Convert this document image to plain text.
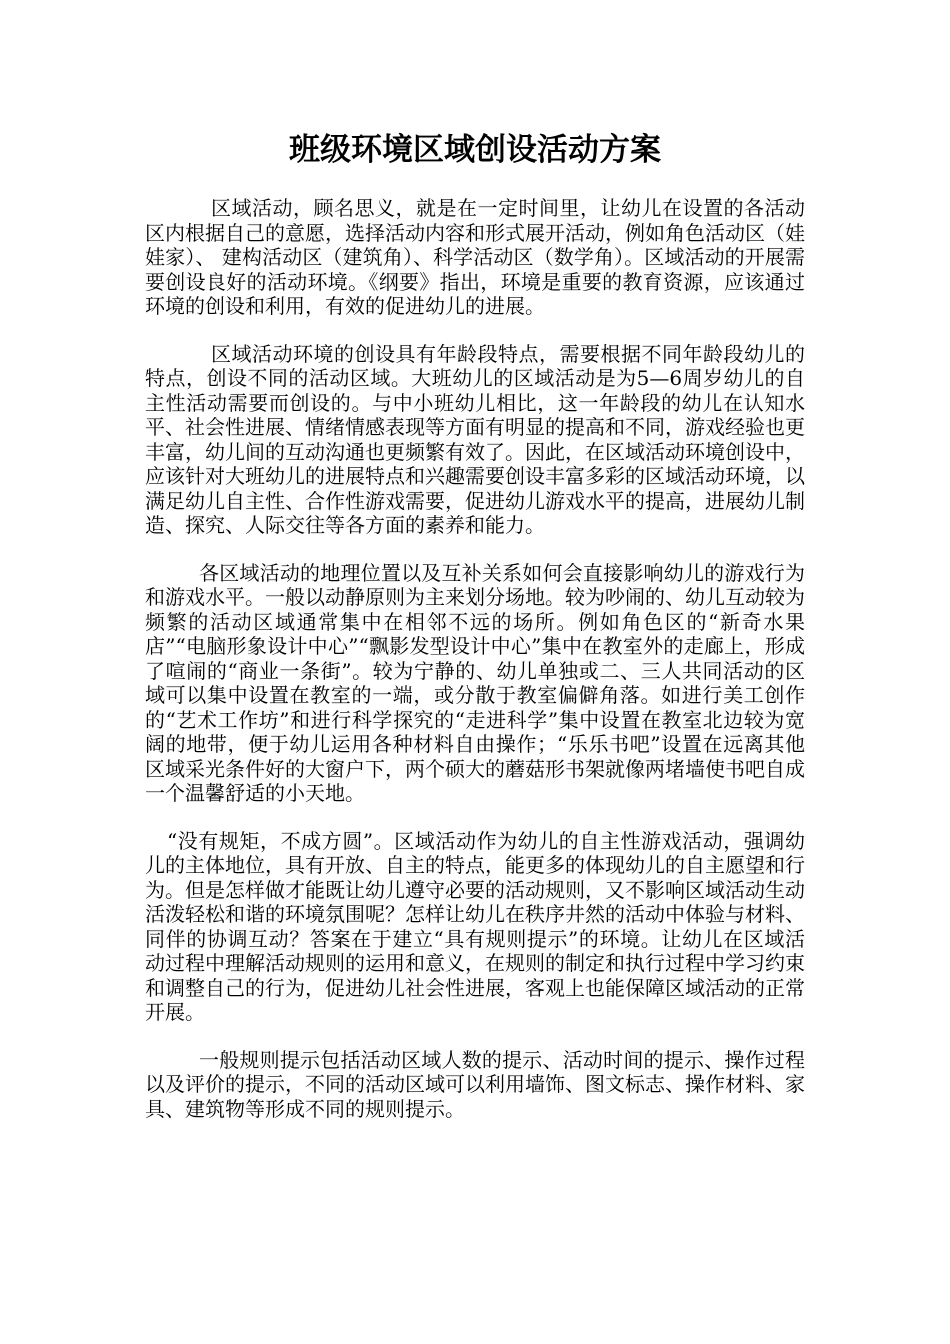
班级环境区域创设活动方案

区域活动，顾名思义，就是在一定时间里，让幼儿在设置的各活动区内根据自己的意愿，选择活动内容和形式展开活动，例如角色活动区（娃娃家）、 建构活动区（建筑角）、科学活动区（数学角）。区域活动的开展需要创设良好的活动环境。《纲要》指出，环境是重要的教育资源，应该通过环境的创设和利用，有效的促进幼儿的进展。

区域活动环境的创设具有年龄段特点，需要根据不同年龄段幼儿的特点，创设不同的活动区域。大班幼儿的区域活动是为5—6周岁幼儿的自主性活动需要而创设的。与中小班幼儿相比，这一年龄段的幼儿在认知水平、社会性进展、情绪情感表现等方面有明显的提高和不同，游戏经验也更丰富，幼儿间的互动沟通也更频繁有效了。因此，在区域活动环境创设中，应该针对大班幼儿的进展特点和兴趣需要创设丰富多彩的区域活动环境，以满足幼儿自主性、合作性游戏需要，促进幼儿游戏水平的提高，进展幼儿制造、探究、人际交往等各方面的素养和能力。

各区域活动的地理位置以及互补关系如何会直接影响幼儿的游戏行为和游戏水平。一般以动静原则为主来划分场地。较为吵闹的、幼儿互动较为频繁的活动区域通常集中在相邻不远的场所。例如角色区的“新奇水果店”“电脑形象设计中心”“飘影发型设计中心”集中在教室外的走廊上，形成了喧闹的“商业一条街”。较为宁静的、幼儿单独或二、三人共同活动的区域可以集中设置在教室的一端，或分散于教室偏僻角落。如进行美工创作的“艺术工作坊”和进行科学探究的“走进科学”集中设置在教室北边较为宽阔的地带，便于幼儿运用各种材料自由操作；“乐乐书吧”设置在远离其他区域采光条件好的大窗户下，两个硕大的蘑菇形书架就像两堵墙使书吧自成一个温馨舒适的小天地。

“没有规矩，不成方圆”。区域活动作为幼儿的自主性游戏活动，强调幼儿的主体地位，具有开放、自主的特点，能更多的体现幼儿的自主愿望和行为。但是怎样做才能既让幼儿遵守必要的活动规则，又不影响区域活动生动活泼轻松和谐的环境氛围呢？怎样让幼儿在秩序井然的活动中体验与材料、同伴的协调互动？答案在于建立“具有规则提示”的环境。让幼儿在区域活动过程中理解活动规则的运用和意义，在规则的制定和执行过程中学习约束和调整自己的行为，促进幼儿社会性进展，客观上也能保障区域活动的正常开展。

一般规则提示包括活动区域人数的提示、活动时间的提示、操作过程以及评价的提示，不同的活动区域可以利用墙饰、图文标志、操作材料、家具、建筑物等形成不同的规则提示。
